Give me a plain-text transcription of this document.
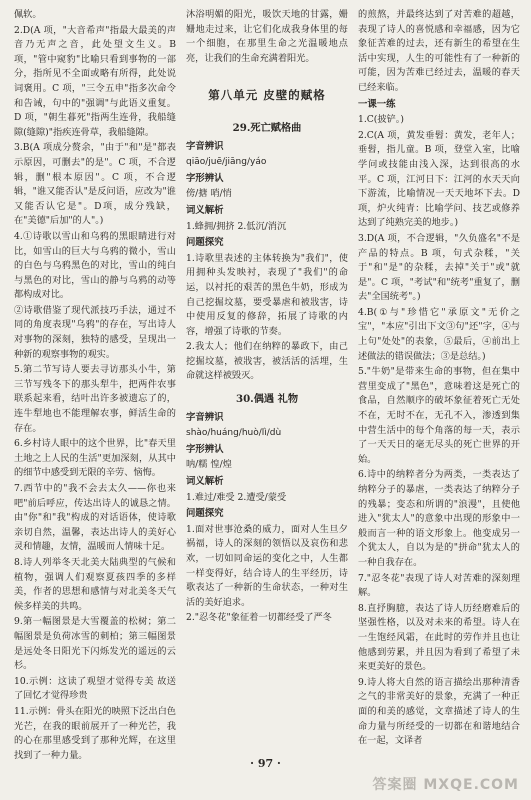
佩软。

2.D(A 项，"大音希声"指最大最美的声音乃无声之音，此处望文生义。B项，"管中窥豹"比喻只看到事物的一部分，指所见不全面或略有所得，此处说词褒用。C 项，"三令五申"指多次命令和告诫，句中的"强调"与此语义重复。D 项，"朝生暮死"指两生连骨，我船缝隙(缝隙)"指疾连骨草，我船缝隙。

3.B(A 项成分赘余，"由于"和"是"都表示原因，可删去"的是"。C 项，不合逻辑，删"根本原因"。C 项，不合逻辑，"谁又能否认"是反问语，应改为"谁又能否认它是"。D项，成分残缺，在"美德"后加"的人"。)

4.①诗歌以雪山和乌鸦的黑眼睛进行对比，如雪山的巨大与乌鸦的微小，雪山的白色与乌鸦黑色的对比，雪山的纯白与黑色的对比，雪山的静与乌鸦的动等都构成对比。

②诗歌借鉴了现代派技巧手法，通过不同的角度表现"乌鸦"的存在，写出诗人对事物的深刻，独特的感受，呈现出一种新的观察事物的观实。

5.第二节写诗人要去寻访那头小牛，第三节写残冬下的那头犁牛，把两件农事联系起来看，结叶出许多被遗忘了的，连牛犁地也不能理解农事，鲜活生命的存在。

6.乡村诗人眼中的这个世界，比"春天里土地之上人民的生活"更加深刻，从其中的细节中感受到无限的辛劳、恼悔。

7.西节中的"我不会去太久——你也来吧"前后呼应，传达出诗人的诚恳之情。由"你"和"我"构成的对话语体，使诗歌亲切自然，温馨，表达出诗人的美好心灵和情趣，友情，温暖而人情味十足。

8.诗人列举冬天北美大陆典型的气候和植物，强调人们观察夏孩四季的多样美，作者的思想和感情与对北美冬天气候多样美的共鸣。

9.第一幅图景是大雪覆盖的松树；第二幅图景是负荷冰雪的刺柏；第三幅图景是远处冬日阳光下闪烁发光的遥远的云杉。

10.示例：这读了观望才觉得专美 故送了回忆才觉得珍贵

11.示例：骨头在阳光的映照下泛出白色光芒，在我的眼前展开了一种光芒，我的心在那里感受到了那种光辉，在这里找到了一种力量。

沐浴明媚的阳光，吸饮天地的甘露，姗姗地走过来，让它们化成我身体里的每一个细胞，在那里生命之光温暖地点亮，让我们的生命充满着阳光。

第八单元 皮壁的赋格
29.死亡赋格曲
字音辨识

qiāo/juē/jiāng/yáo

字形辨认

傍/搪 哨/悄

词义解析

1.蜂拥/拥挤 2.低沉/消沉

问题探究

1.诗歌里表述的主体转换为"我们"，使用拥种头发映衬，表现了"我们"的命运，以衬托的艰苦的黑色牛奶，形成为自己挖掘坟墓，要受暴虐和被戕害，诗中使用反复的修辞，拓展了诗歌的内容，增强了诗歌的节奏。

2.我太人；他们在纳粹的暴政下，由己挖掘坟墓，被戕害，被活活的活埋，生命就这样被毁灭。

30.偶遇 礼物
字音辨识

shào/huáng/huò/lì/dù

字形辨认

呐/糯 惶/煌

词义解析

1.难过/难受 2.遭受/蒙受

问题探究

1.面对世事沧桑的威力，面对人生旦夕祸福，诗人的深刻的领悟以及哀伤和悲欢，一切如同命运的变化之中，人生都一样变得好，结合诗人的生平经历，诗歌表达了一种新的生命状态，一种对生活的美好追求。

2."忍冬花"象征着一切都经受了严冬

的煎熬，并最终达到了对苦难的超越，表现了诗人的喜悦感和幸福感，因为它象征苦难的过去，还有新生的希望在生活中实现，人生的可能性有了一种新的可能，因为苦难已经过去，温暖的春天已经来临。

一课一练

1.C(披铲。)

2.C(A 项，黄发垂髫：黄发，老年人；垂髫，指儿童。B 项，登堂入室，比喻学问或技能由浅入深，达到很高的水平。C 项，江河日下：江河的水天天向下游流，比喻情况一天天地坏下去。D 项，炉火纯青：比喻学问、技艺或修养达到了纯熟完美的地步。)

3.D(A 项，不合逻辑，"久负盛名"不是产品的特点。B 项，句式杂糅，"关于"和"是"的杂糅，去掉"关于"或"就是"。C 项，"考试"和"统考"重复了，删去"全国统考"。)

4.B(①与"珍惜它"承原文"无价之宝"，"本应"引出下文③句"还"字，④与上句"处处"的表象，⑤最后，④前出上述做法的错误做法；③是总结。)

5."牛奶"是带来生命的事物，但在集中营里变成了"黑色"，意味着这是死亡的食品，自然顺序的破坏象征着死亡无处不在，无时不在，无孔不入，渗透到集中营生活中的每个角落的每一天，表示了一天天日的毫无尽头的死亡世界的开始。

6.诗中的纳粹者分为两类，一类表达了纳粹分子的暴虐，一类表达了纳粹分子的残暴；变态和所谓的"浪漫"，且使他进入"犹太人"的意象中出现的形象中一般而言一种的语文形象上。他变成另一个犹太人，自以为是的"拼命"犹太人的一种自我存在。

7."忍冬花"表现了诗人对苦难的深刻理解。

8.直抒胸臆，表达了诗人历经磨难后的坚强性格，以及对未来的希望。诗人在一生饱经风霜，在此时的劳作并且也让他感到劳累，并且因为看到了希望了未来更美好的景色。

9.诗人将大自然的语言描绘出那种清香之气的非常美好的景象，充满了一种正面的和美的感觉，文章描述了诗人的生命力量与所经受的一切都在和谐地结合在一起，文译者

· 97 ·
答案圈 MXQE.COM
